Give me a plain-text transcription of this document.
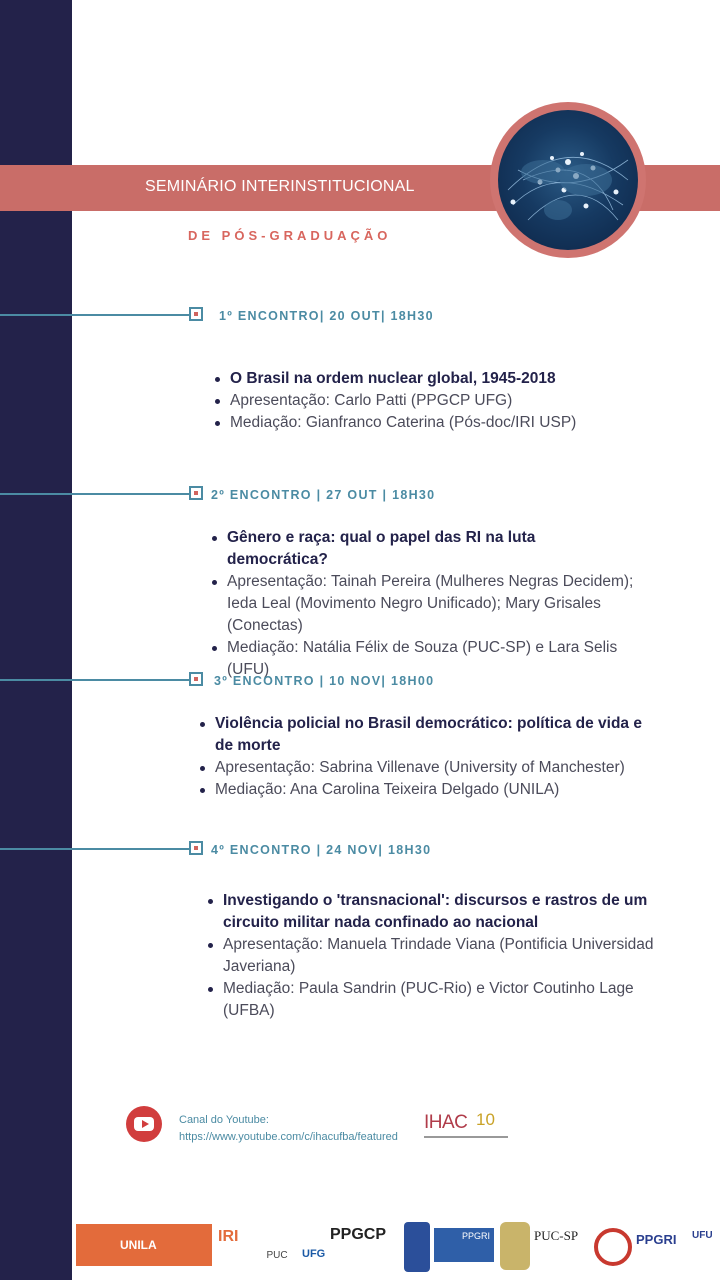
SEMINÁRIO INTERINSTITUCIONAL
DE PÓS-GRADUAÇÃO
1º ENCONTRO| 20 OUT| 18H30
O Brasil na ordem nuclear global, 1945-2018
Apresentação: Carlo Patti (PPGCP UFG)
Mediação: Gianfranco Caterina (Pós-doc/IRI USP)
2º ENCONTRO | 27 OUT | 18H30
Gênero e raça: qual o papel das RI na luta democrática?
Apresentação: Tainah Pereira (Mulheres Negras Decidem); Ieda Leal (Movimento Negro Unificado); Mary Grisales (Conectas)
Mediação: Natália Félix de Souza (PUC-SP) e Lara Selis (UFU)
3º ENCONTRO | 10 NOV| 18H00
Violência policial no Brasil democrático: política de vida e de morte
Apresentação: Sabrina Villenave (University of Manchester)
Mediação: Ana Carolina Teixeira Delgado (UNILA)
4º ENCONTRO | 24 NOV| 18H30
Investigando o 'transnacional': discursos e rastros de um circuito militar nada confinado ao nacional
Apresentação: Manuela Trindade Viana (Pontificia Universidad Javeriana)
Mediação: Paula Sandrin (PUC-Rio) e Victor Coutinho Lage (UFBA)
Canal do Youtube:
https://www.youtube.com/c/ihacufba/featured
IHAC 10
UNILA	IRI
PUC	UFG
PPGCP	PPGRI	PUC-SP	PPGRI	UFU
